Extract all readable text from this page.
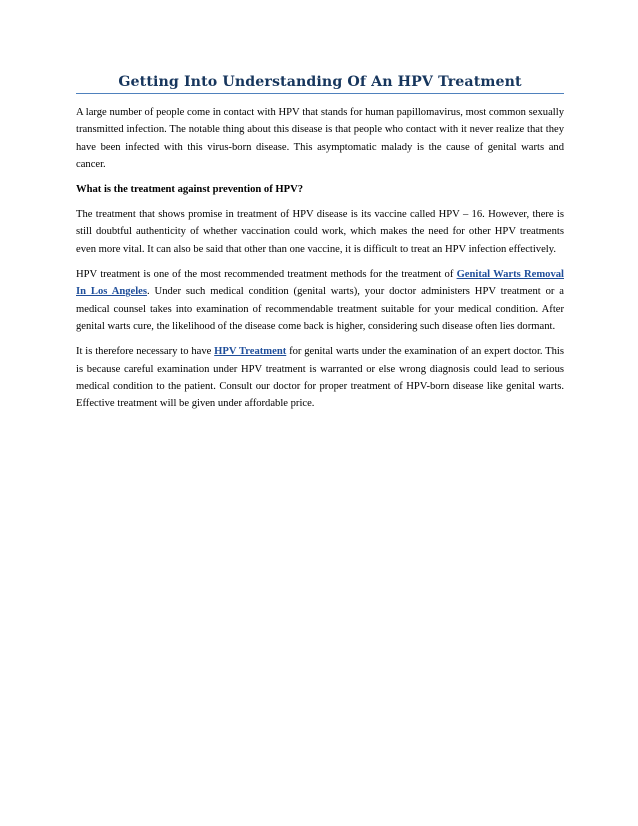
Getting Into Understanding Of An HPV Treatment

A large number of people come in contact with HPV that stands for human papillomavirus, most common sexually transmitted infection. The notable thing about this disease is that people who contact with it never realize that they have been infected with this virus-born disease. This asymptomatic malady is the cause of genital warts and cancer.

What is the treatment against prevention of HPV?

The treatment that shows promise in treatment of HPV disease is its vaccine called HPV – 16. However, there is still doubtful authenticity of whether vaccination could work, which makes the need for other HPV treatments even more vital. It can also be said that other than one vaccine, it is difficult to treat an HPV infection effectively.

HPV treatment is one of the most recommended treatment methods for the treatment of Genital Warts Removal In Los Angeles. Under such medical condition (genital warts), your doctor administers HPV treatment or a medical counsel takes into examination of recommendable treatment suitable for your medical condition. After genital warts cure, the likelihood of the disease come back is higher, considering such disease often lies dormant.

It is therefore necessary to have HPV Treatment for genital warts under the examination of an expert doctor. This is because careful examination under HPV treatment is warranted or else wrong diagnosis could lead to serious medical condition to the patient. Consult our doctor for proper treatment of HPV-born disease like genital warts. Effective treatment will be given under affordable price.
